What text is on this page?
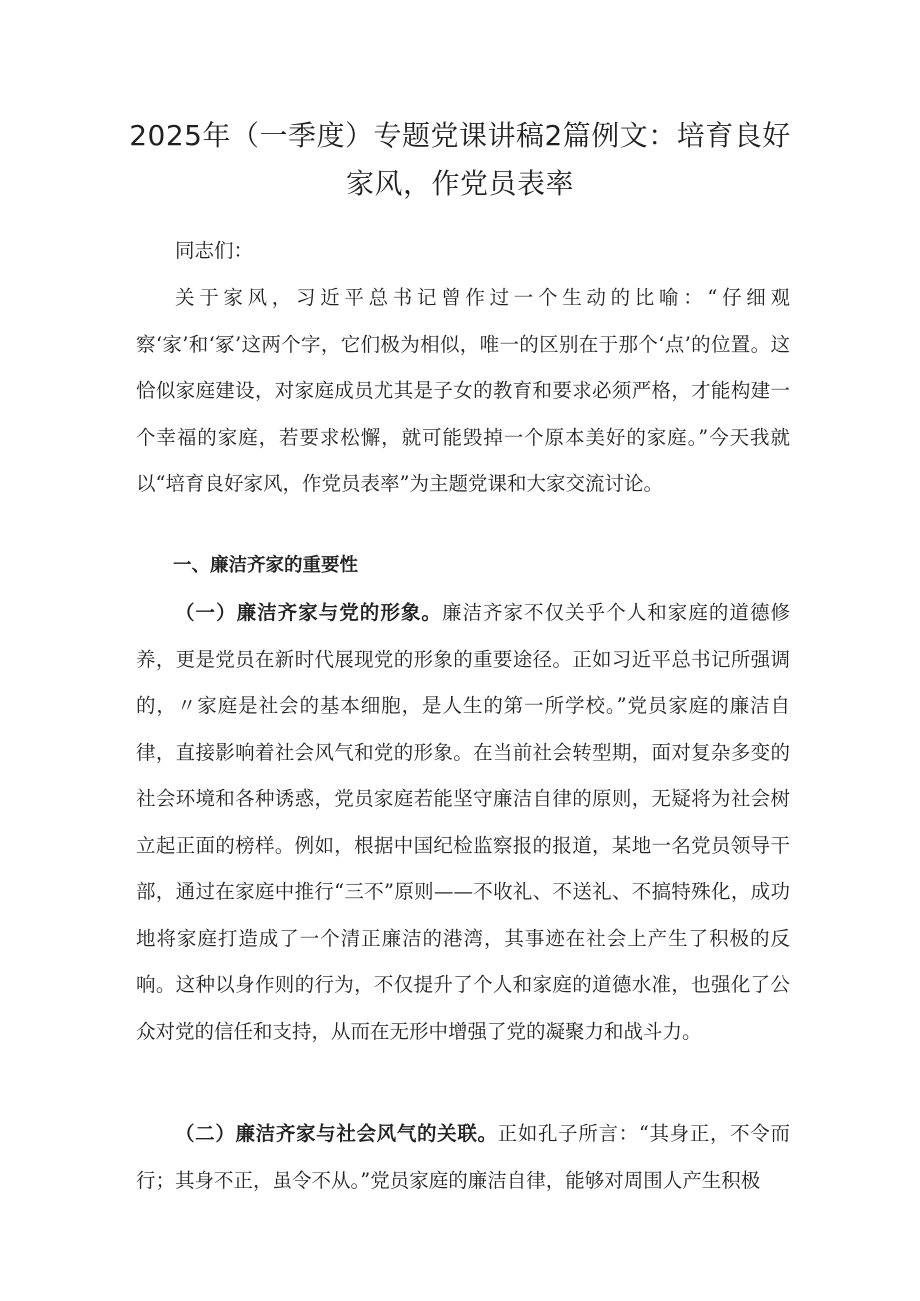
2025年（一季度）专题党课讲稿2篇例文：培育良好家风，作党员表率

同志们：

关于家风，习近平总书记曾作过一个生动的比喻：“仔细观察‘家’和‘冢’这两个字，它们极为相似，唯一的区别在于那个‘点’的位置。这恰似家庭建设，对家庭成员尤其是子女的教育和要求必须严格，才能构建一个幸福的家庭，若要求松懈，就可能毁掉一个原本美好的家庭。”今天我就以“培育良好家风，作党员表率”为主题党课和大家交流讨论。

一、廉洁齐家的重要性

（一）廉洁齐家与党的形象。廉洁齐家不仅关乎个人和家庭的道德修养，更是党员在新时代展现党的形象的重要途径。正如习近平总书记所强调的，〃家庭是社会的基本细胞，是人生的第一所学校。”党员家庭的廉洁自律，直接影响着社会风气和党的形象。在当前社会转型期，面对复杂多变的社会环境和各种诱惑，党员家庭若能坚守廉洁自律的原则，无疑将为社会树立起正面的榜样。例如，根据中国纪检监察报的报道，某地一名党员领导干部，通过在家庭中推行“三不”原则——不收礼、不送礼、不搞特殊化，成功地将家庭打造成了一个清正廉洁的港湾，其事迹在社会上产生了积极的反响。这种以身作则的行为，不仅提升了个人和家庭的道德水准，也强化了公众对党的信任和支持，从而在无形中增强了党的凝聚力和战斗力。

（二）廉洁齐家与社会风气的关联。正如孔子所言：“其身正，不令而行；其身不正，虽令不从。”党员家庭的廉洁自律，能够对周围人产生积极
